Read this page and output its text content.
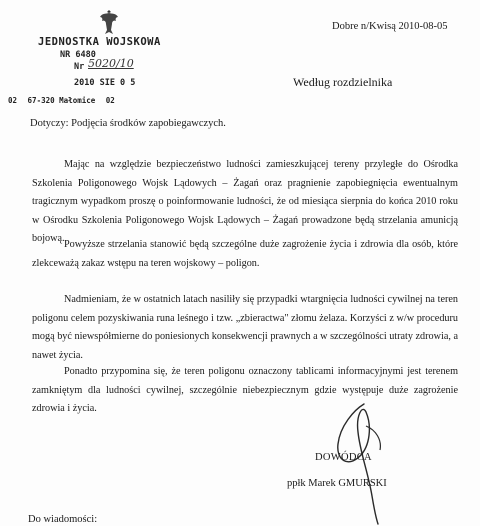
JEDNOSTKA WOJSKOWA
NR 6480
Nr 5020/10
2010 SIE 0 5
02 67-320 Małomice 02
Dobre n/Kwisą 2010-08-05
Według rozdzielnika
Dotyczy: Podjęcia środków zapobiegawczych.

Mając na względzie bezpieczeństwo ludności zamieszkującej tereny przyległe do Ośrodka Szkolenia Poligonowego Wojsk Lądowych – Żagań oraz pragnienie zapobiegnięcia ewentualnym tragicznym wypadkom proszę o poinformowanie ludności, że od miesiąca sierpnia do końca 2010 roku w Ośrodku Szkolenia Poligonowego Wojsk Lądowych – Żagań prowadzone będą strzelania amunicją bojową.

Powyższe strzelania stanowić będą szczególne duże zagrożenie życia i zdrowia dla osób, które zlekceważą zakaz wstępu na teren wojskowy – poligon.

Nadmieniam, że w ostatnich latach nasiliły się przypadki wtargnięcia ludności cywilnej na teren poligonu celem pozyskiwania runa leśnego i tzw. „zbieractwa" złomu żelaza. Korzyści z w/w proceduru mogą być niewspółmierne do poniesionych konsekwencji prawnych a w szczególności utraty zdrowia, a nawet życia.

Ponadto przypomina się, że teren poligonu oznaczony tablicami informacyjnymi jest terenem zamkniętym dla ludności cywilnej, szczególnie niebezpiecznym gdzie występuje duże zagrożenie zdrowia i życia.

DOWÓDCA
ppłk Marek GMURSKI
Do wiadomości:
